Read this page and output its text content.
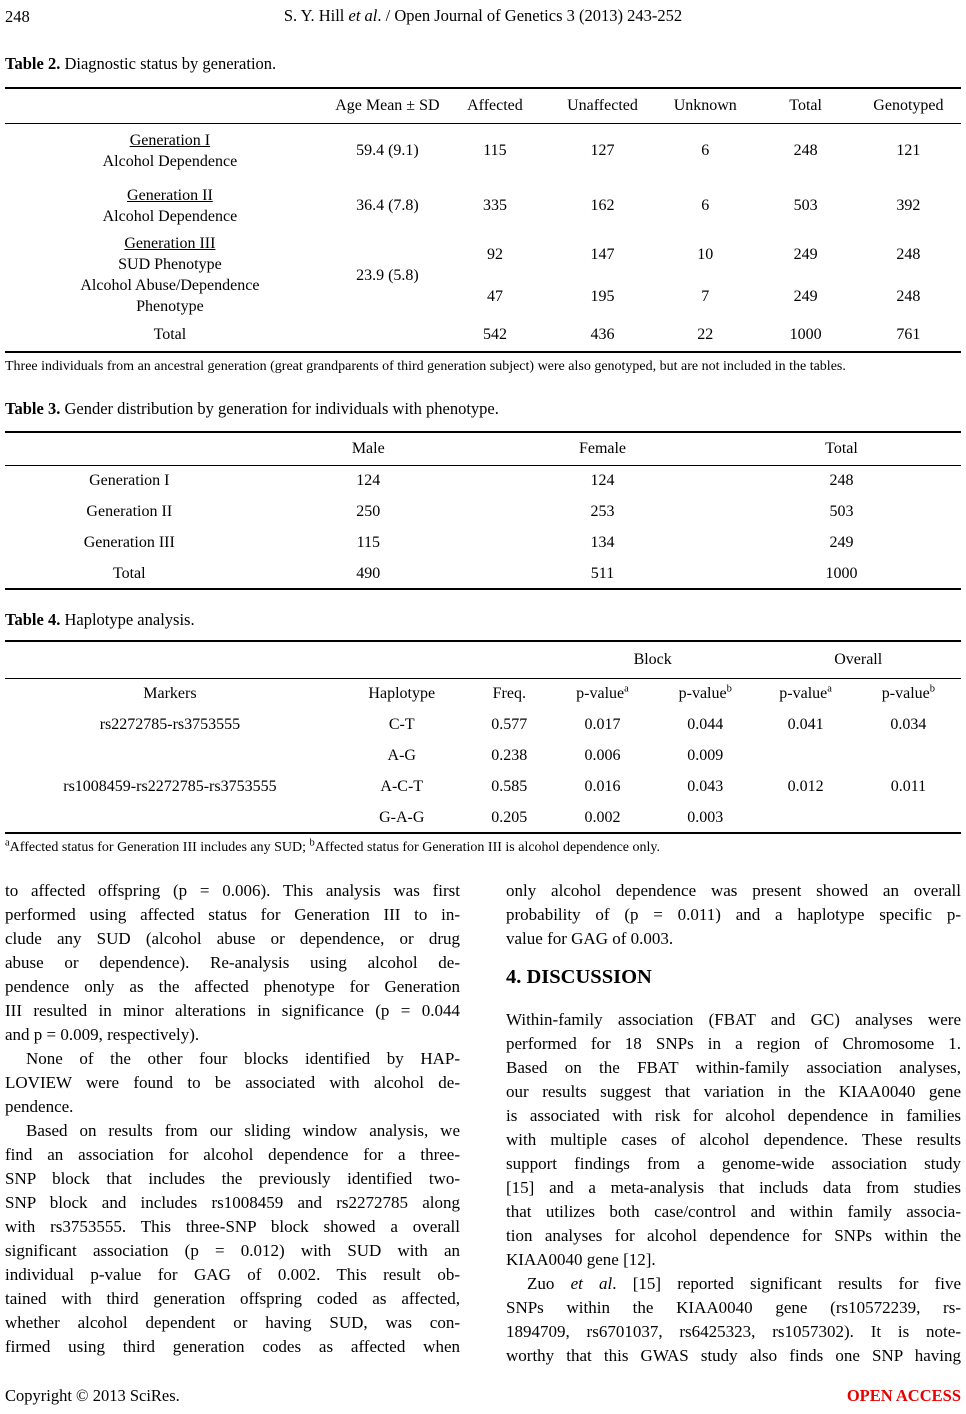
248	S. Y. Hill et al. / Open Journal of Genetics 3 (2013) 243-252
Table 2. Diagnostic status by generation.
	Age Mean ± SD	Affected	Unaffected	Unknown	Total	Genotyped

Generation I
Alcohol Dependence	59.4 (9.1)	115	127	6	248	121

Generation II
Alcohol Dependence	36.4 (7.8)	335	162	6	503	392

Generation III
SUD Phenotype
Alcohol Abuse/Dependence
Phenotype	23.9 (5.8)	92	147	10	249	248
		47	195	7	249	248
Total		542	436	22	1000	761
Three individuals from an ancestral generation (great grandparents of third generation subject) were also genotyped, but are not included in the tables.
Table 3. Gender distribution by generation for individuals with phenotype.
	Male	Female	Total
Generation I	124	124	248
Generation II	250	253	503
Generation III	115	134	249
Total	490	511	1000
Table 4. Haplotype analysis.
			Block		Overall	
Markers	Haplotype	Freq.	p-value$^a$	p-value$^b$	p-value$^a$	p-value$^b$
rs2272785-rs3753555	C-T	0.577	0.017	0.044	0.041	0.034
	A-G	0.238	0.006	0.009		
rs1008459-rs2272785-rs3753555	A-C-T	0.585	0.016	0.043	0.012	0.011
	G-A-G	0.205	0.002	0.003		
$^a$Affected status for Generation III includes any SUD; $^b$Affected status for Generation III is alcohol dependence only.
to affected offspring (p = 0.006). This analysis was first
performed using affected status for Generation III to in-
clude any SUD (alcohol abuse or dependence, or drug
abuse or dependence). Re-analysis using alcohol de-
pendence only as the affected phenotype for Generation
III resulted in minor alterations in significance (p = 0.044
and p = 0.009, respectively).
None of the other four blocks identified by HAP-
LOVIEW were found to be associated with alcohol de-
pendence.
Based on results from our sliding window analysis, we
find an association for alcohol dependence for a three-
SNP block that includes the previously identified two-
SNP block and includes rs1008459 and rs2272785 along
with rs3753555. This three-SNP block showed a overall
significant association (p = 0.012) with SUD with an
individual p-value for GAG of 0.002. This result ob-
tained with third generation offspring coded as affected,
whether alcohol dependent or having SUD, was con-
firmed using third generation codes as affected when
only alcohol dependence was present showed an overall
probability of (p = 0.011) and a haplotype specific p-
value for GAG of 0.003.
4. DISCUSSION
Within-family association (FBAT and GC) analyses were
performed for 18 SNPs in a region of Chromosome 1.
Based on the FBAT within-family association analyses,
our results suggest that variation in the KIAA0040 gene
is associated with risk for alcohol dependence in families
with multiple cases of alcohol dependence. These results
support findings from a genome-wide association study
[15] and a meta-analysis that includs data from studies
that utilizes both case/control and within family associa-
tion analyses for alcohol dependence for SNPs within the
KIAA0040 gene [12].
Zuo et al. [15] reported significant results for five
SNPs within the KIAA0040 gene (rs10572239, rs-
1894709, rs6701037, rs6425323, rs1057302). It is note-
worthy that this GWAS study also finds one SNP having
Copyright © 2013 SciRes.	OPEN ACCESS
